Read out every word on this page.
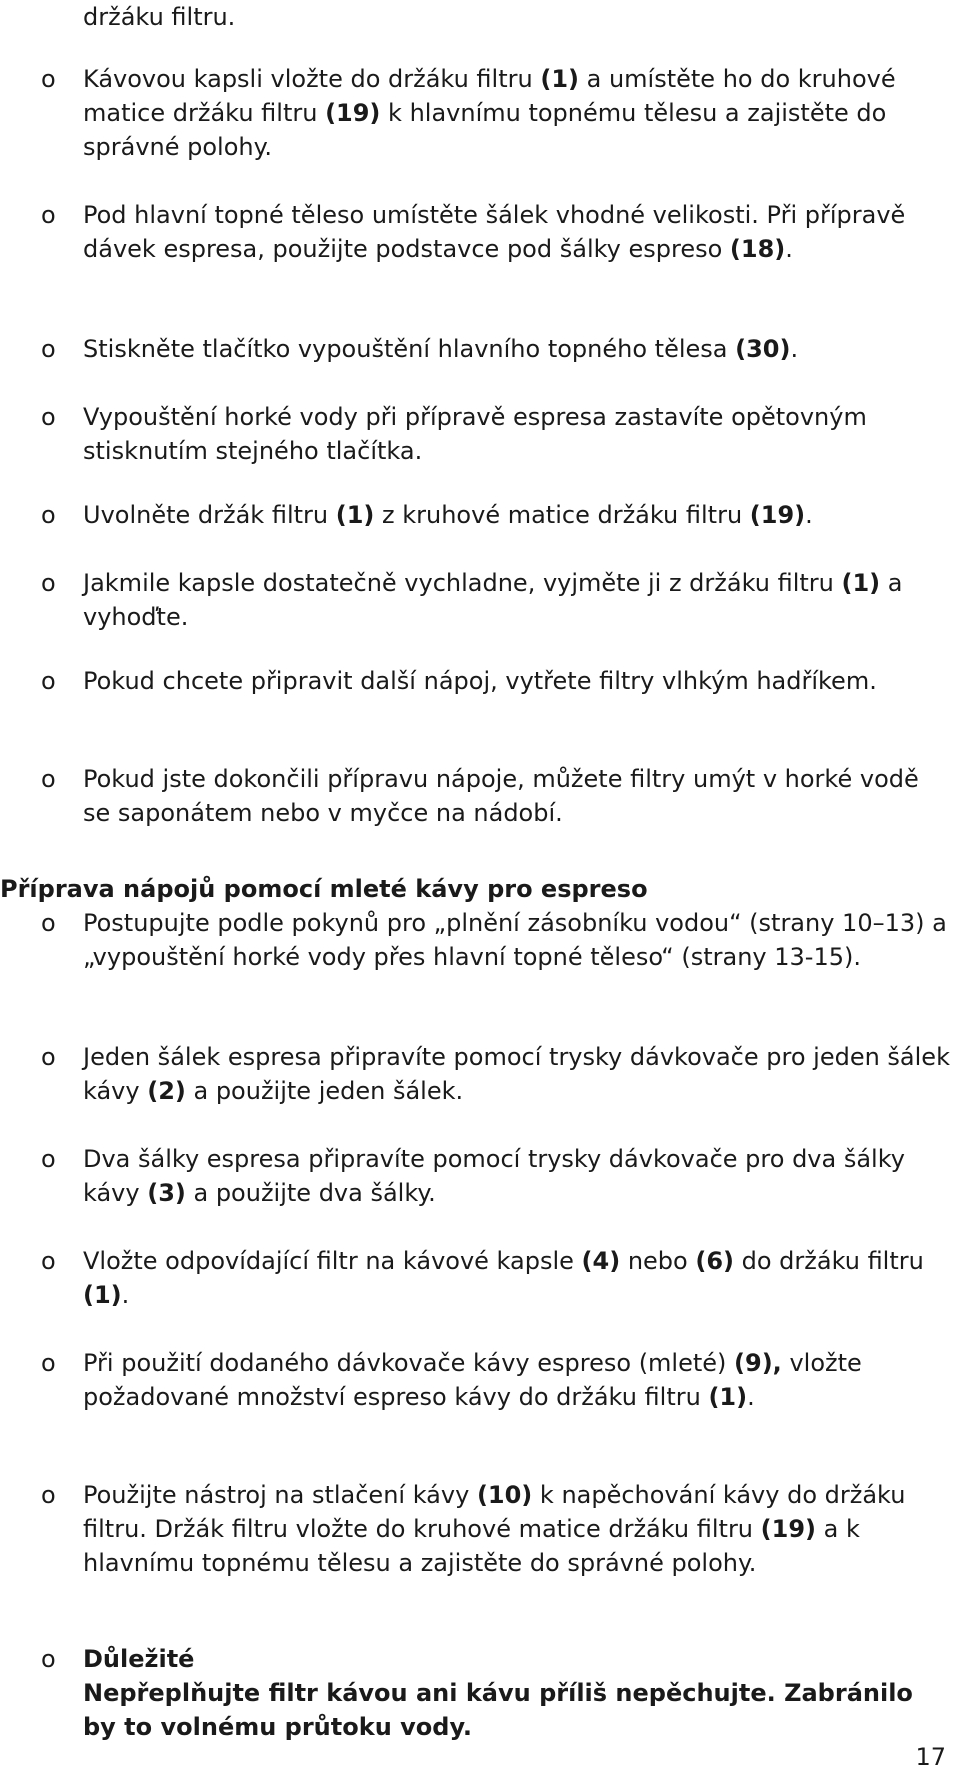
držáku filtru.
o Kávovou kapsli vložte do držáku filtru (1) a umístěte ho do kruhové matice držáku filtru (19) k hlavnímu topnému tělesu a zajistěte do správné polohy.
o Pod hlavní topné těleso umístěte šálek vhodné velikosti. Při přípravě dávek espresa, použijte podstavce pod šálky espreso (18).
o Stiskněte tlačítko vypouštění hlavního topného tělesa (30).
o Vypouštění horké vody při přípravě espresa zastavíte opětovným stisknutím stejného tlačítka.
o Uvolněte držák filtru (1) z kruhové matice držáku filtru (19).
o Jakmile kapsle dostatečně vychladne, vyjměte ji z držáku filtru (1) a vyhoďte.
o Pokud chcete připravit další nápoj, vytřete filtry vlhkým hadříkem.
o Pokud jste dokončili přípravu nápoje, můžete filtry umýt v horké vodě se saponátem nebo v myčce na nádobí.
Příprava nápojů pomocí mleté kávy pro espreso
o Postupujte podle pokynů pro „plnění zásobníku vodou“ (strany 10–13) a „vypouštění horké vody přes hlavní topné těleso“ (strany 13-15).
o Jeden šálek espresa připravíte pomocí trysky dávkovače pro jeden šálek kávy (2) a použijte jeden šálek.
o Dva šálky espresa připravíte pomocí trysky dávkovače pro dva šálky kávy (3) a použijte dva šálky.
o Vložte odpovídající filtr na kávové kapsle (4) nebo (6) do držáku filtru (1).
o Při použití dodaného dávkovače kávy espreso (mleté) (9), vložte požadované množství espreso kávy do držáku filtru (1).
o Použijte nástroj na stlačení kávy (10) k napěchování kávy do držáku filtru. Držák filtru vložte do kruhové matice držáku filtru (19) a k hlavnímu topnému tělesu a zajistěte do správné polohy.
o Důležité
Nepřeplňujte filtr kávou ani kávu příliš nepěchujte. Zabránilo by to volnému průtoku vody.
17
